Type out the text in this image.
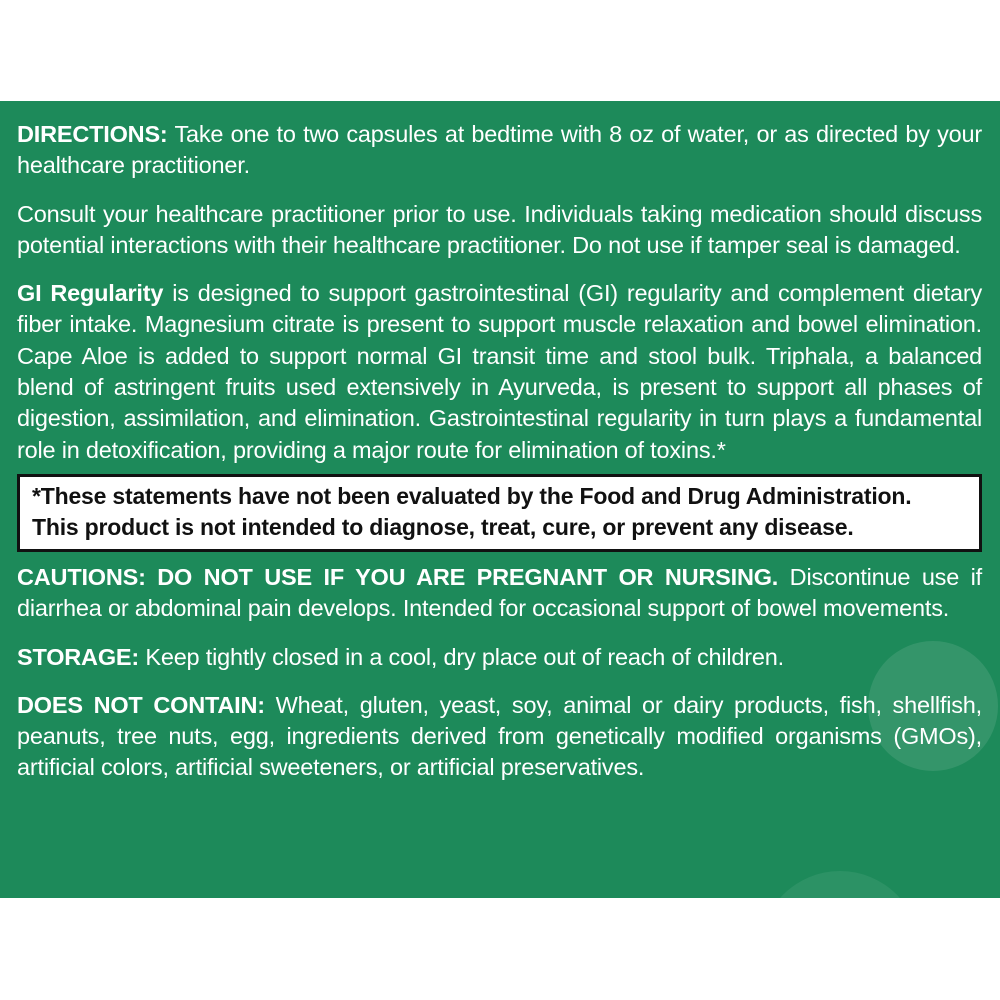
DIRECTIONS: Take one to two capsules at bedtime with 8 oz of water, or as directed by your healthcare practitioner.

Consult your healthcare practitioner prior to use. Individuals taking medication should discuss potential interactions with their healthcare practitioner. Do not use if tamper seal is damaged.

GI Regularity is designed to support gastrointestinal (GI) regularity and complement dietary fiber intake. Magnesium citrate is present to support muscle relaxation and bowel elimination. Cape Aloe is added to support normal GI transit time and stool bulk. Triphala, a balanced blend of astringent fruits used extensively in Ayurveda, is present to support all phases of digestion, assimilation, and elimination. Gastrointestinal regularity in turn plays a fundamental role in detoxification, providing a major route for elimination of toxins.*

*These statements have not been evaluated by the Food and Drug Administration.
This product is not intended to diagnose, treat, cure, or prevent any disease.

CAUTIONS: DO NOT USE IF YOU ARE PREGNANT OR NURSING. Discontinue use if diarrhea or abdominal pain develops. Intended for occasional support of bowel movements.

STORAGE: Keep tightly closed in a cool, dry place out of reach of children.

DOES NOT CONTAIN: Wheat, gluten, yeast, soy, animal or dairy products, fish, shellfish, peanuts, tree nuts, egg, ingredients derived from genetically modified organisms (GMOs), artificial colors, artificial sweeteners, or artificial preservatives.
